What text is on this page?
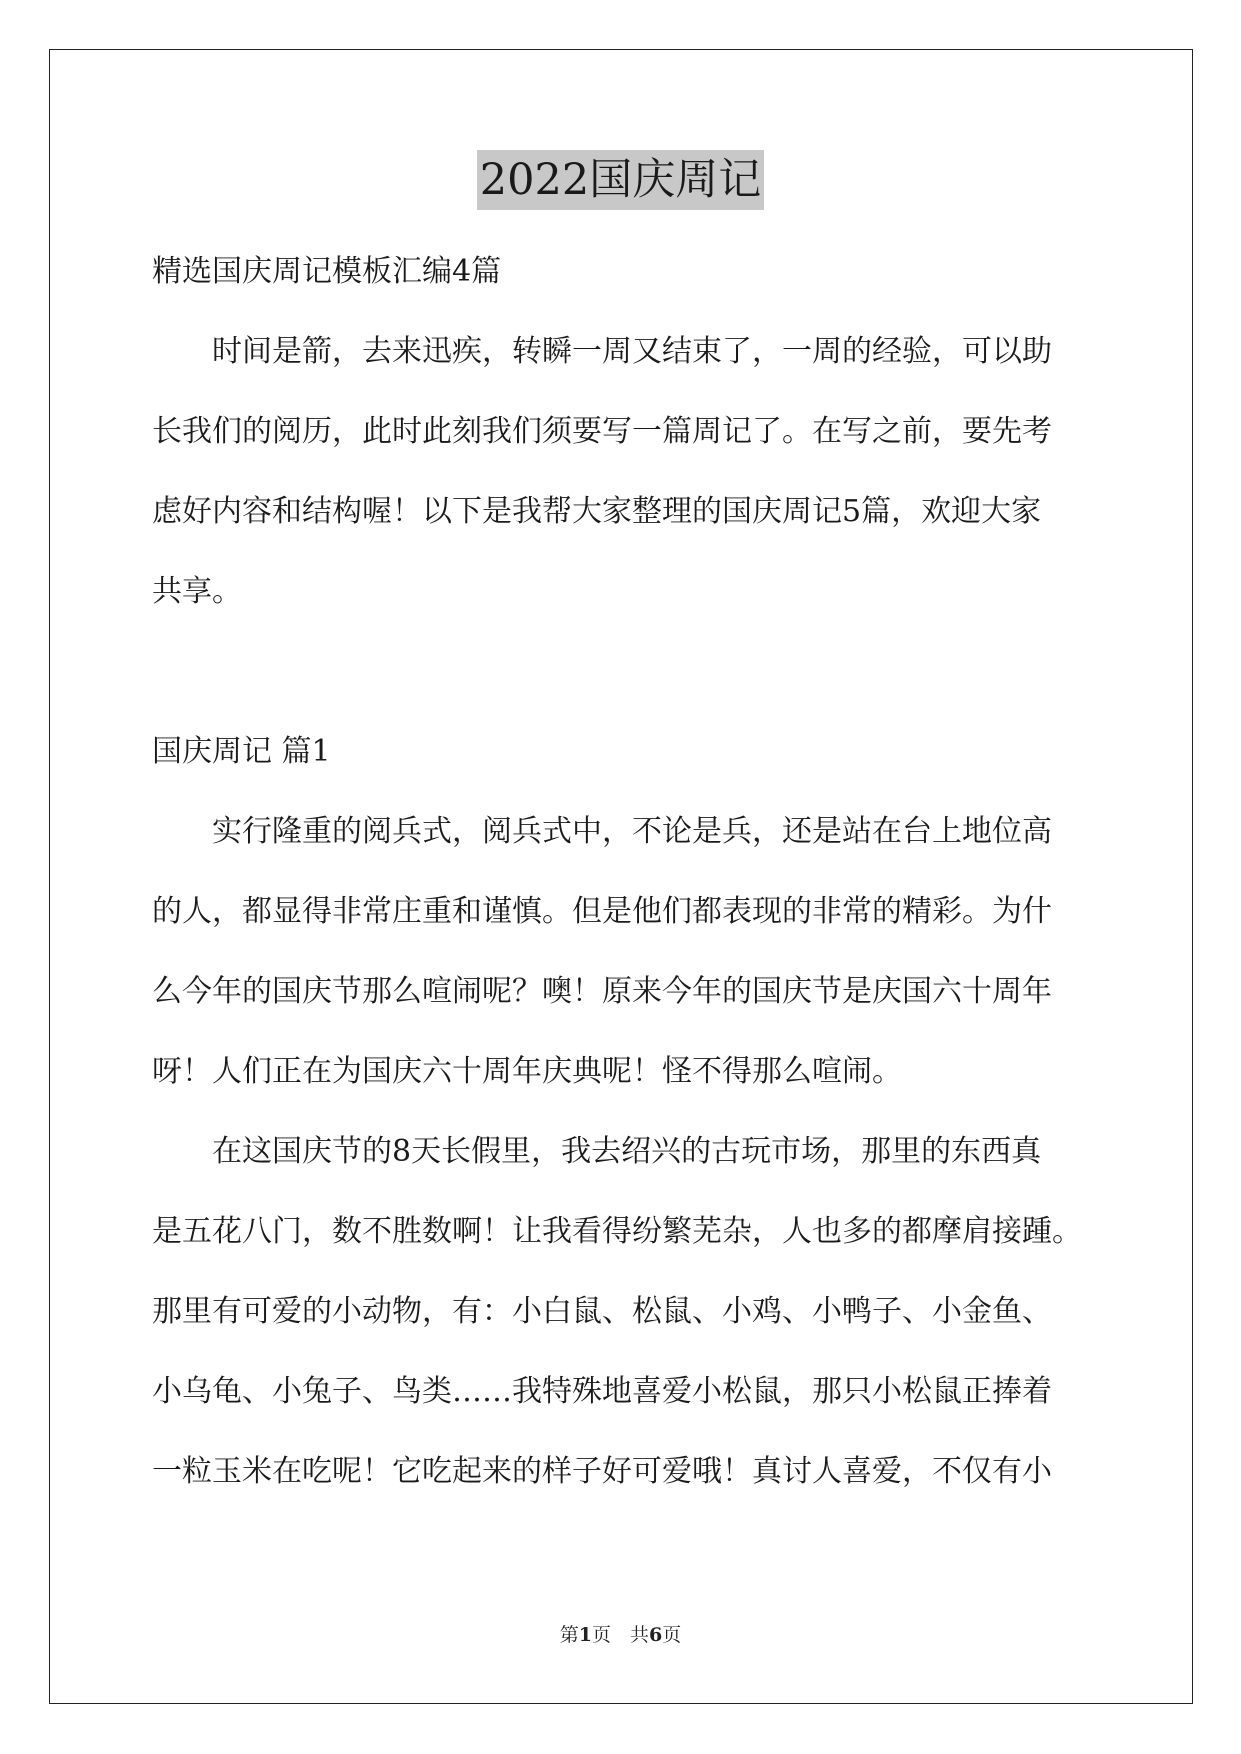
2022国庆周记
精选国庆周记模板汇编4篇
　　时间是箭，去来迅疾，转瞬一周又结束了，一周的经验，可以助
长我们的阅历，此时此刻我们须要写一篇周记了。在写之前，要先考
虑好内容和结构喔！以下是我帮大家整理的国庆周记5篇，欢迎大家
共享。
国庆周记 篇1
　　实行隆重的阅兵式，阅兵式中，不论是兵，还是站在台上地位高
的人，都显得非常庄重和谨慎。但是他们都表现的非常的精彩。为什
么今年的国庆节那么喧闹呢？噢！原来今年的国庆节是庆国六十周年
呀！人们正在为国庆六十周年庆典呢！怪不得那么喧闹。
　　在这国庆节的8天长假里，我去绍兴的古玩市场，那里的东西真
是五花八门，数不胜数啊！让我看得纷繁芜杂，人也多的都摩肩接踵。
那里有可爱的小动物，有：小白鼠、松鼠、小鸡、小鸭子、小金鱼、
小乌龟、小兔子、鸟类……我特殊地喜爱小松鼠，那只小松鼠正捧着
一粒玉米在吃呢！它吃起来的样子好可爱哦！真讨人喜爱，不仅有小
第1页　共6页
